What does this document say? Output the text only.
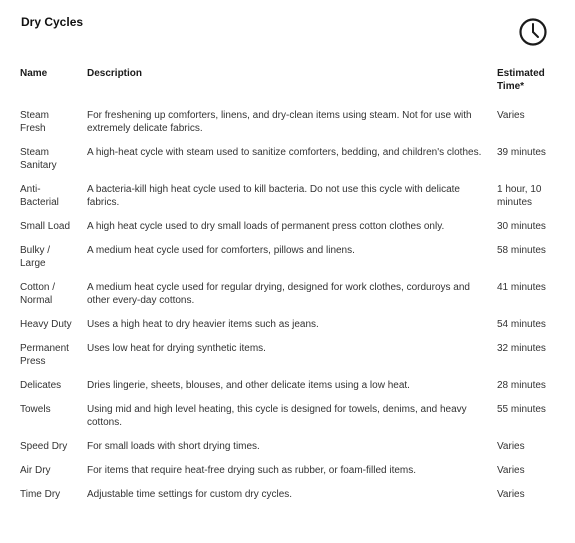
Dry Cycles
Name	Description	Estimated Time*
Steam Fresh	For freshening up comforters, linens, and dry-clean items using steam. Not for use with extremely delicate fabrics.	Varies
Steam Sanitary	A high-heat cycle with steam used to sanitize comforters, bedding, and children's clothes.	39 minutes
Anti-Bacterial	A bacteria-kill high heat cycle used to kill bacteria. Do not use this cycle with delicate fabrics.	1 hour, 10 minutes
Small Load	A high heat cycle used to dry small loads of permanent press cotton clothes only.	30 minutes
Bulky / Large	A medium heat cycle used for comforters, pillows and linens.	58 minutes
Cotton / Normal	A medium heat cycle used for regular drying, designed for work clothes, corduroys and other every-day cottons.	41 minutes
Heavy Duty	Uses a high heat to dry heavier items such as jeans.	54 minutes
Permanent Press	Uses low heat for drying synthetic items.	32 minutes
Delicates	Dries lingerie, sheets, blouses, and other delicate items using a low heat.	28 minutes
Towels	Using mid and high level heating, this cycle is designed for towels, denims, and heavy cottons.	55 minutes
Speed Dry	For small loads with short drying times.	Varies
Air Dry	For items that require heat-free drying such as rubber, or foam-filled items.	Varies
Time Dry	Adjustable time settings for custom dry cycles.	Varies
